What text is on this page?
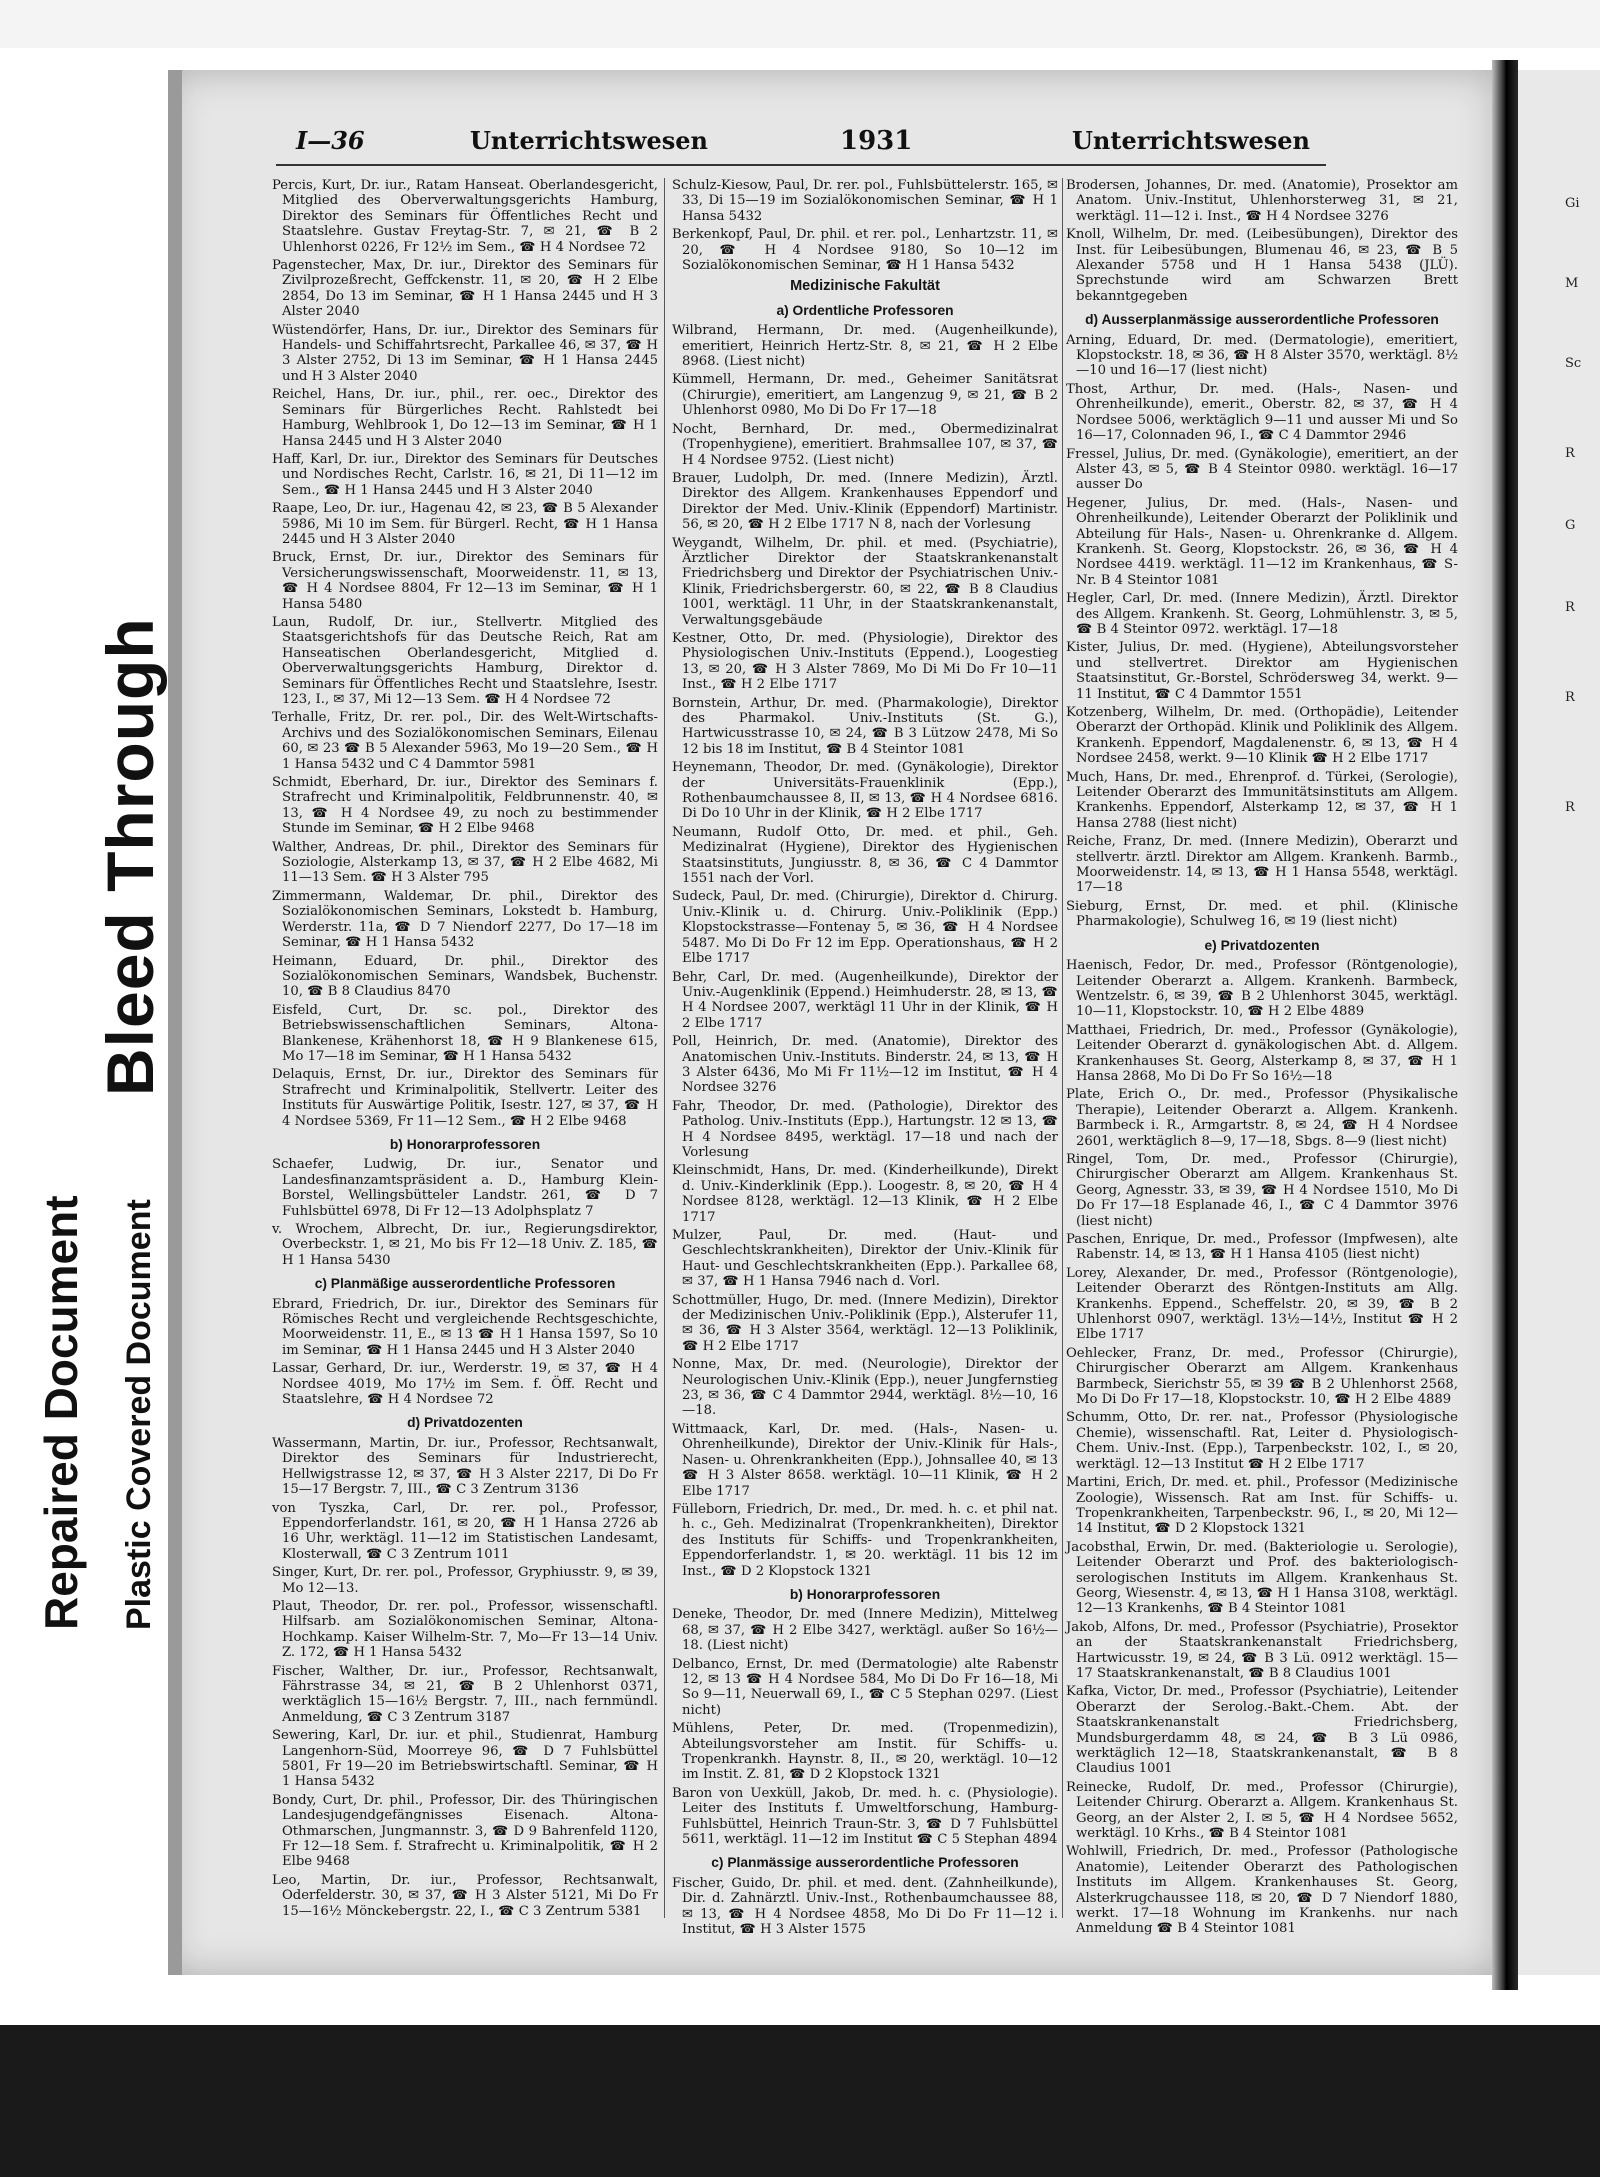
Bleed Through
Repaired Document Plastic Covered Document
I—36	Unterrichtswesen	1931	Unterrichtswesen
Percis, Kurt, Dr. iur., Ratam Hanseat. Oberlandesgericht, Mitglied des Oberverwaltungsgerichts Hamburg, Direktor des Seminars für Öffentliches Recht und Staatslehre. Gustav Freytag-Str. 7, ✉ 21, ☎ B 2 Uhlenhorst 0226, Fr 12½ im Sem., ☎ H 4 Nordsee 72
Pagenstecher, Max, Dr. iur., Direktor des Seminars für Zivilprozeßrecht, Geffckenstr. 11, ✉ 20, ☎ H 2 Elbe 2854, Do 13 im Seminar, ☎ H 1 Hansa 2445 und H 3 Alster 2040
Wüstendörfer, Hans, Dr. iur., Direktor des Seminars für Handels- und Schiffahrtsrecht, Parkallee 46, ✉ 37, ☎ H 3 Alster 2752, Di 13 im Seminar, ☎ H 1 Hansa 2445 und H 3 Alster 2040
Reichel, Hans, Dr. iur., phil., rer. oec., Direktor des Seminars für Bürgerliches Recht. Rahlstedt bei Hamburg, Wehlbrook 1, Do 12—13 im Seminar, ☎ H 1 Hansa 2445 und H 3 Alster 2040
Haff, Karl, Dr. iur., Direktor des Seminars für Deutsches und Nordisches Recht, Carlstr. 16, ✉ 21, Di 11—12 im Sem., ☎ H 1 Hansa 2445 und H 3 Alster 2040
Raape, Leo, Dr. iur., Hagenau 42, ✉ 23, ☎ B 5 Alexander 5986, Mi 10 im Sem. für Bürgerl. Recht, ☎ H 1 Hansa 2445 und H 3 Alster 2040
Bruck, Ernst, Dr. iur., Direktor des Seminars für Versicherungswissenschaft, Moorweidenstr. 11, ✉ 13, ☎ H 4 Nordsee 8804, Fr 12—13 im Seminar, ☎ H 1 Hansa 5480
Laun, Rudolf, Dr. iur., Stellvertr. Mitglied des Staatsgerichtshofs für das Deutsche Reich, Rat am Hanseatischen Oberlandesgericht, Mitglied d. Oberverwaltungsgerichts Hamburg, Direktor d. Seminars für Öffentliches Recht und Staatslehre, Isestr. 123, I., ✉ 37, Mi 12—13 Sem. ☎ H 4 Nordsee 72
Terhalle, Fritz, Dr. rer. pol., Dir. des Welt-Wirtschafts-Archivs und des Sozialökonomischen Seminars, Eilenau 60, ✉ 23 ☎ B 5 Alexander 5963, Mo 19—20 Sem., ☎ H 1 Hansa 5432 und C 4 Dammtor 5981
Schmidt, Eberhard, Dr. iur., Direktor des Seminars f. Strafrecht und Kriminalpolitik, Feldbrunnenstr. 40, ✉ 13, ☎ H 4 Nordsee 49, zu noch zu bestimmender Stunde im Seminar, ☎ H 2 Elbe 9468
Walther, Andreas, Dr. phil., Direktor des Seminars für Soziologie, Alsterkamp 13, ✉ 37, ☎ H 2 Elbe 4682, Mi 11—13 Sem. ☎ H 3 Alster 795
Zimmermann, Waldemar, Dr. phil., Direktor des Sozialökonomischen Seminars, Lokstedt b. Hamburg, Werderstr. 11a, ☎ D 7 Niendorf 2277, Do 17—18 im Seminar, ☎ H 1 Hansa 5432
Heimann, Eduard, Dr. phil., Direktor des Sozialökonomischen Seminars, Wandsbek, Buchenstr. 10, ☎ B 8 Claudius 8470
Eisfeld, Curt, Dr. sc. pol., Direktor des Betriebswissenschaftlichen Seminars, Altona-Blankenese, Krähenhorst 18, ☎ H 9 Blankenese 615, Mo 17—18 im Seminar, ☎ H 1 Hansa 5432
Delaquis, Ernst, Dr. iur., Direktor des Seminars für Strafrecht und Kriminalpolitik, Stellvertr. Leiter des Instituts für Auswärtige Politik, Isestr. 127, ✉ 37, ☎ H 4 Nordsee 5369, Fr 11—12 Sem., ☎ H 2 Elbe 9468
b) Honorarprofessoren
Schaefer, Ludwig, Dr. iur., Senator und Landesfinanzamtspräsident a. D., Hamburg Klein-Borstel, Wellingsbütteler Landstr. 261, ☎ D 7 Fuhlsbüttel 6978, Di Fr 12—13 Adolphsplatz 7
v. Wrochem, Albrecht, Dr. iur., Regierungsdirektor, Overbeckstr. 1, ✉ 21, Mo bis Fr 12—18 Univ. Z. 185, ☎ H 1 Hansa 5430
c) Planmäßige ausserordentliche Professoren
Ebrard, Friedrich, Dr. iur., Direktor des Seminars für Römisches Recht und vergleichende Rechtsgeschichte, Moorweidenstr. 11, E., ✉ 13 ☎ H 1 Hansa 1597, So 10 im Seminar, ☎ H 1 Hansa 2445 und H 3 Alster 2040
Lassar, Gerhard, Dr. iur., Werderstr. 19, ✉ 37, ☎ H 4 Nordsee 4019, Mo 17½ im Sem. f. Öff. Recht und Staatslehre, ☎ H 4 Nordsee 72
d) Privatdozenten
Wassermann, Martin, Dr. iur., Professor, Rechtsanwalt, Direktor des Seminars für Industrierecht, Hellwigstrasse 12, ✉ 37, ☎ H 3 Alster 2217, Di Do Fr 15—17 Bergstr. 7, III., ☎ C 3 Zentrum 3136
von Tyszka, Carl, Dr. rer. pol., Professor, Eppendorferlandstr. 161, ✉ 20, ☎ H 1 Hansa 2726 ab 16 Uhr, werktägl. 11—12 im Statistischen Landesamt, Klosterwall, ☎ C 3 Zentrum 1011
Singer, Kurt, Dr. rer. pol., Professor, Gryphiusstr. 9, ✉ 39, Mo 12—13.
Plaut, Theodor, Dr. rer. pol., Professor, wissenschaftl. Hilfsarb. am Sozialökonomischen Seminar, Altona-Hochkamp. Kaiser Wilhelm-Str. 7, Mo—Fr 13—14 Univ. Z. 172, ☎ H 1 Hansa 5432
Fischer, Walther, Dr. iur., Professor, Rechtsanwalt, Fährstrasse 34, ✉ 21, ☎ B 2 Uhlenhorst 0371, werktäglich 15—16½ Bergstr. 7, III., nach fernmündl. Anmeldung, ☎ C 3 Zentrum 3187
Sewering, Karl, Dr. iur. et phil., Studienrat, Hamburg Langenhorn-Süd, Moorreye 96, ☎ D 7 Fuhlsbüttel 5801, Fr 19—20 im Betriebswirtschaftl. Seminar, ☎ H 1 Hansa 5432
Bondy, Curt, Dr. phil., Professor, Dir. des Thüringischen Landesjugendgefängnisses Eisenach. Altona-Othmarschen, Jungmannstr. 3, ☎ D 9 Bahrenfeld 1120, Fr 12—18 Sem. f. Strafrecht u. Kriminalpolitik, ☎ H 2 Elbe 9468
Leo, Martin, Dr. iur., Professor, Rechtsanwalt, Oderfelderstr. 30, ✉ 37, ☎ H 3 Alster 5121, Mi Do Fr 15—16½ Mönckebergstr. 22, I., ☎ C 3 Zentrum 5381
Schulz-Kiesow, Paul, Dr. rer. pol., Fuhlsbüttelerstr. 165, ✉ 33, Di 15—19 im Sozialökonomischen Seminar, ☎ H 1 Hansa 5432
Berkenkopf, Paul, Dr. phil. et rer. pol., Lenhartzstr. 11, ✉ 20, ☎ H 4 Nordsee 9180, So 10—12 im Sozialökonomischen Seminar, ☎ H 1 Hansa 5432
Medizinische Fakultät
a) Ordentliche Professoren
Wilbrand, Hermann, Dr. med. (Augenheilkunde), emeritiert, Heinrich Hertz-Str. 8, ✉ 21, ☎ H 2 Elbe 8968. (Liest nicht)
Kümmell, Hermann, Dr. med., Geheimer Sanitätsrat (Chirurgie), emeritiert, am Langenzug 9, ✉ 21, ☎ B 2 Uhlenhorst 0980, Mo Di Do Fr 17—18
Nocht, Bernhard, Dr. med., Obermedizinalrat (Tropenhygiene), emeritiert. Brahmsallee 107, ✉ 37, ☎ H 4 Nordsee 9752. (Liest nicht)
Brauer, Ludolph, Dr. med. (Innere Medizin), Ärztl. Direktor des Allgem. Krankenhauses Eppendorf und Direktor der Med. Univ.-Klinik (Eppendorf) Martinistr. 56, ✉ 20, ☎ H 2 Elbe 1717 N 8, nach der Vorlesung
Weygandt, Wilhelm, Dr. phil. et med. (Psychiatrie), Ärztlicher Direktor der Staatskrankenanstalt Friedrichsberg und Direktor der Psychiatrischen Univ.-Klinik, Friedrichsbergerstr. 60, ✉ 22, ☎ B 8 Claudius 1001, werktägl. 11 Uhr, in der Staatskrankenanstalt, Verwaltungsgebäude
Kestner, Otto, Dr. med. (Physiologie), Direktor des Physiologischen Univ.-Instituts (Eppend.), Loogestieg 13, ✉ 20, ☎ H 3 Alster 7869, Mo Di Mi Do Fr 10—11 Inst., ☎ H 2 Elbe 1717
Bornstein, Arthur, Dr. med. (Pharmakologie), Direktor des Pharmakol. Univ.-Instituts (St. G.), Hartwicusstrasse 10, ✉ 24, ☎ B 3 Lützow 2478, Mi So 12 bis 18 im Institut, ☎ B 4 Steintor 1081
Heynemann, Theodor, Dr. med. (Gynäkologie), Direktor der Universitäts-Frauenklinik (Epp.), Rothenbaumchaussee 8, II, ✉ 13, ☎ H 4 Nordsee 6816. Di Do 10 Uhr in der Klinik, ☎ H 2 Elbe 1717
Neumann, Rudolf Otto, Dr. med. et phil., Geh. Medizinalrat (Hygiene), Direktor des Hygienischen Staatsinstituts, Jungiusstr. 8, ✉ 36, ☎ C 4 Dammtor 1551 nach der Vorl.
Sudeck, Paul, Dr. med. (Chirurgie), Direktor d. Chirurg. Univ.-Klinik u. d. Chirurg. Univ.-Poliklinik (Epp.) Klopstockstrasse—Fontenay 5, ✉ 36, ☎ H 4 Nordsee 5487. Mo Di Do Fr 12 im Epp. Operationshaus, ☎ H 2 Elbe 1717
Behr, Carl, Dr. med. (Augenheilkunde), Direktor der Univ.-Augenklinik (Eppend.) Heimhuderstr. 28, ✉ 13, ☎ H 4 Nordsee 2007, werktägl 11 Uhr in der Klinik, ☎ H 2 Elbe 1717
Poll, Heinrich, Dr. med. (Anatomie), Direktor des Anatomischen Univ.-Instituts. Binderstr. 24, ✉ 13, ☎ H 3 Alster 6436, Mo Mi Fr 11½—12 im Institut, ☎ H 4 Nordsee 3276
Fahr, Theodor, Dr. med. (Pathologie), Direktor des Patholog. Univ.-Instituts (Epp.), Hartungstr. 12 ✉ 13, ☎ H 4 Nordsee 8495, werktägl. 17—18 und nach der Vorlesung
Kleinschmidt, Hans, Dr. med. (Kinderheilkunde), Direkt d. Univ.-Kinderklinik (Epp.). Loogestr. 8, ✉ 20, ☎ H 4 Nordsee 8128, werktägl. 12—13 Klinik, ☎ H 2 Elbe 1717
Mulzer, Paul, Dr. med. (Haut- und Geschlechtskrankheiten), Direktor der Univ.-Klinik für Haut- und Geschlechtskrankheiten (Epp.). Parkallee 68, ✉ 37, ☎ H 1 Hansa 7946 nach d. Vorl.
Schottmüller, Hugo, Dr. med. (Innere Medizin), Direktor der Medizinischen Univ.-Poliklinik (Epp.), Alsterufer 11, ✉ 36, ☎ H 3 Alster 3564, werktägl. 12—13 Poliklinik, ☎ H 2 Elbe 1717
Nonne, Max, Dr. med. (Neurologie), Direktor der Neurologischen Univ.-Klinik (Epp.), neuer Jungfernstieg 23, ✉ 36, ☎ C 4 Dammtor 2944, werktägl. 8½—10, 16—18.
Wittmaack, Karl, Dr. med. (Hals-, Nasen- u. Ohrenheilkunde), Direktor der Univ.-Klinik für Hals-, Nasen- u. Ohrenkrankheiten (Epp.), Johnsallee 40, ✉ 13 ☎ H 3 Alster 8658. werktägl. 10—11 Klinik, ☎ H 2 Elbe 1717
Fülleborn, Friedrich, Dr. med., Dr. med. h. c. et phil nat. h. c., Geh. Medizinalrat (Tropenkrankheiten), Direktor des Instituts für Schiffs- und Tropenkrankheiten, Eppendorferlandstr. 1, ✉ 20. werktägl. 11 bis 12 im Inst., ☎ D 2 Klopstock 1321
b) Honorarprofessoren
Deneke, Theodor, Dr. med (Innere Medizin), Mittelweg 68, ✉ 37, ☎ H 2 Elbe 3427, werktägl. außer So 16½—18. (Liest nicht)
Delbanco, Ernst, Dr. med (Dermatologie) alte Rabenstr 12, ✉ 13 ☎ H 4 Nordsee 584, Mo Di Do Fr 16—18, Mi So 9—11, Neuerwall 69, I., ☎ C 5 Stephan 0297. (Liest nicht)
Mühlens, Peter, Dr. med. (Tropenmedizin), Abteilungsvorsteher am Instit. für Schiffs- u. Tropenkrankh. Haynstr. 8, II., ✉ 20, werktägl. 10—12 im Instit. Z. 81, ☎ D 2 Klopstock 1321
Baron von Uexküll, Jakob, Dr. med. h. c. (Physiologie). Leiter des Instituts f. Umweltforschung, Hamburg-Fuhlsbüttel, Heinrich Traun-Str. 3, ☎ D 7 Fuhlsbüttel 5611, werktägl. 11—12 im Institut ☎ C 5 Stephan 4894
c) Planmässige ausserordentliche Professoren
Fischer, Guido, Dr. phil. et med. dent. (Zahnheilkunde), Dir. d. Zahnärztl. Univ.-Inst., Rothenbaumchaussee 88, ✉ 13, ☎ H 4 Nordsee 4858, Mo Di Do Fr 11—12 i. Institut, ☎ H 3 Alster 1575
Brodersen, Johannes, Dr. med. (Anatomie), Prosektor am Anatom. Univ.-Institut, Uhlenhorsterweg 31, ✉ 21, werktägl. 11—12 i. Inst., ☎ H 4 Nordsee 3276
Knoll, Wilhelm, Dr. med. (Leibesübungen), Direktor des Inst. für Leibesübungen, Blumenau 46, ✉ 23, ☎ B 5 Alexander 5758 und H 1 Hansa 5438 (JLÜ). Sprechstunde wird am Schwarzen Brett bekanntgegeben
d) Ausserplanmässige ausserordentliche Professoren
Arning, Eduard, Dr. med. (Dermatologie), emeritiert, Klopstockstr. 18, ✉ 36, ☎ H 8 Alster 3570, werktägl. 8½—10 und 16—17 (liest nicht)
Thost, Arthur, Dr. med. (Hals-, Nasen- und Ohrenheilkunde), emerit., Oberstr. 82, ✉ 37, ☎ H 4 Nordsee 5006, werktäglich 9—11 und ausser Mi und So 16—17, Colonnaden 96, I., ☎ C 4 Dammtor 2946
Fressel, Julius, Dr. med. (Gynäkologie), emeritiert, an der Alster 43, ✉ 5, ☎ B 4 Steintor 0980. werktägl. 16—17 ausser Do
Hegener, Julius, Dr. med. (Hals-, Nasen- und Ohrenheilkunde), Leitender Oberarzt der Poliklinik und Abteilung für Hals-, Nasen- u. Ohrenkranke d. Allgem. Krankenh. St. Georg, Klopstockstr. 26, ✉ 36, ☎ H 4 Nordsee 4419. werktägl. 11—12 im Krankenhaus, ☎ S-Nr. B 4 Steintor 1081
Hegler, Carl, Dr. med. (Innere Medizin), Ärztl. Direktor des Allgem. Krankenh. St. Georg, Lohmühlenstr. 3, ✉ 5, ☎ B 4 Steintor 0972. werktägl. 17—18
Kister, Julius, Dr. med. (Hygiene), Abteilungsvorsteher und stellvertret. Direktor am Hygienischen Staatsinstitut, Gr.-Borstel, Schrödersweg 34, werkt. 9—11 Institut, ☎ C 4 Dammtor 1551
Kotzenberg, Wilhelm, Dr. med. (Orthopädie), Leitender Oberarzt der Orthopäd. Klinik und Poliklinik des Allgem. Krankenh. Eppendorf, Magdalenenstr. 6, ✉ 13, ☎ H 4 Nordsee 2458, werkt. 9—10 Klinik ☎ H 2 Elbe 1717
Much, Hans, Dr. med., Ehrenprof. d. Türkei, (Serologie), Leitender Oberarzt des Immunitätsinstituts am Allgem. Krankenhs. Eppendorf, Alsterkamp 12, ✉ 37, ☎ H 1 Hansa 2788 (liest nicht)
Reiche, Franz, Dr. med. (Innere Medizin), Oberarzt und stellvertr. ärztl. Direktor am Allgem. Krankenh. Barmb., Moorweidenstr. 14, ✉ 13, ☎ H 1 Hansa 5548, werktägl. 17—18
Sieburg, Ernst, Dr. med. et phil. (Klinische Pharmakologie), Schulweg 16, ✉ 19 (liest nicht)
e) Privatdozenten
Haenisch, Fedor, Dr. med., Professor (Röntgenologie), Leitender Oberarzt a. Allgem. Krankenh. Barmbeck, Wentzelstr. 6, ✉ 39, ☎ B 2 Uhlenhorst 3045, werktägl. 10—11, Klopstockstr. 10, ☎ H 2 Elbe 4889
Matthaei, Friedrich, Dr. med., Professor (Gynäkologie), Leitender Oberarzt d. gynäkologischen Abt. d. Allgem. Krankenhauses St. Georg, Alsterkamp 8, ✉ 37, ☎ H 1 Hansa 2868, Mo Di Do Fr So 16½—18
Plate, Erich O., Dr. med., Professor (Physikalische Therapie), Leitender Oberarzt a. Allgem. Krankenh. Barmbeck i. R., Armgartstr. 8, ✉ 24, ☎ H 4 Nordsee 2601, werktäglich 8—9, 17—18, Sbgs. 8—9 (liest nicht)
Ringel, Tom, Dr. med., Professor (Chirurgie), Chirurgischer Oberarzt am Allgem. Krankenhaus St. Georg, Agnesstr. 33, ✉ 39, ☎ H 4 Nordsee 1510, Mo Di Do Fr 17—18 Esplanade 46, I., ☎ C 4 Dammtor 3976 (liest nicht)
Paschen, Enrique, Dr. med., Professor (Impfwesen), alte Rabenstr. 14, ✉ 13, ☎ H 1 Hansa 4105 (liest nicht)
Lorey, Alexander, Dr. med., Professor (Röntgenologie), Leitender Oberarzt des Röntgen-Instituts am Allg. Krankenhs. Eppend., Scheffelstr. 20, ✉ 39, ☎ B 2 Uhlenhorst 0907, werktägl. 13½—14½, Institut ☎ H 2 Elbe 1717
Oehlecker, Franz, Dr. med., Professor (Chirurgie), Chirurgischer Oberarzt am Allgem. Krankenhaus Barmbeck, Sierichstr 55, ✉ 39 ☎ B 2 Uhlenhorst 2568, Mo Di Do Fr 17—18, Klopstockstr. 10, ☎ H 2 Elbe 4889
Schumm, Otto, Dr. rer. nat., Professor (Physiologische Chemie), wissenschaftl. Rat, Leiter d. Physiologisch-Chem. Univ.-Inst. (Epp.), Tarpenbeckstr. 102, I., ✉ 20, werktägl. 12—13 Institut ☎ H 2 Elbe 1717
Martini, Erich, Dr. med. et. phil., Professor (Medizinische Zoologie), Wissensch. Rat am Inst. für Schiffs- u. Tropenkrankheiten, Tarpenbeckstr. 96, I., ✉ 20, Mi 12—14 Institut, ☎ D 2 Klopstock 1321
Jacobsthal, Erwin, Dr. med. (Bakteriologie u. Serologie), Leitender Oberarzt und Prof. des bakteriologisch-serologischen Instituts im Allgem. Krankenhaus St. Georg, Wiesenstr. 4, ✉ 13, ☎ H 1 Hansa 3108, werktägl. 12—13 Krankenhs, ☎ B 4 Steintor 1081
Jakob, Alfons, Dr. med., Professor (Psychiatrie), Prosektor an der Staatskrankenanstalt Friedrichsberg, Hartwicusstr. 19, ✉ 24, ☎ B 3 Lü. 0912 werktägl. 15—17 Staatskrankenanstalt, ☎ B 8 Claudius 1001
Kafka, Victor, Dr. med., Professor (Psychiatrie), Leitender Oberarzt der Serolog.-Bakt.-Chem. Abt. der Staatskrankenanstalt Friedrichsberg, Mundsburgerdamm 48, ✉ 24, ☎ B 3 Lü 0986, werktäglich 12—18, Staatskrankenanstalt, ☎ B 8 Claudius 1001
Reinecke, Rudolf, Dr. med., Professor (Chirurgie), Leitender Chirurg. Oberarzt a. Allgem. Krankenhaus St. Georg, an der Alster 2, I. ✉ 5, ☎ H 4 Nordsee 5652, werktägl. 10 Krhs., ☎ B 4 Steintor 1081
Wohlwill, Friedrich, Dr. med., Professor (Pathologische Anatomie), Leitender Oberarzt des Pathologischen Instituts im Allgem. Krankenhauses St. Georg, Alsterkrugchaussee 118, ✉ 20, ☎ D 7 Niendorf 1880, werkt. 17—18 Wohnung im Krankenhs. nur nach Anmeldung ☎ B 4 Steintor 1081
Gi
M
Sc
R
G
R
R
R
